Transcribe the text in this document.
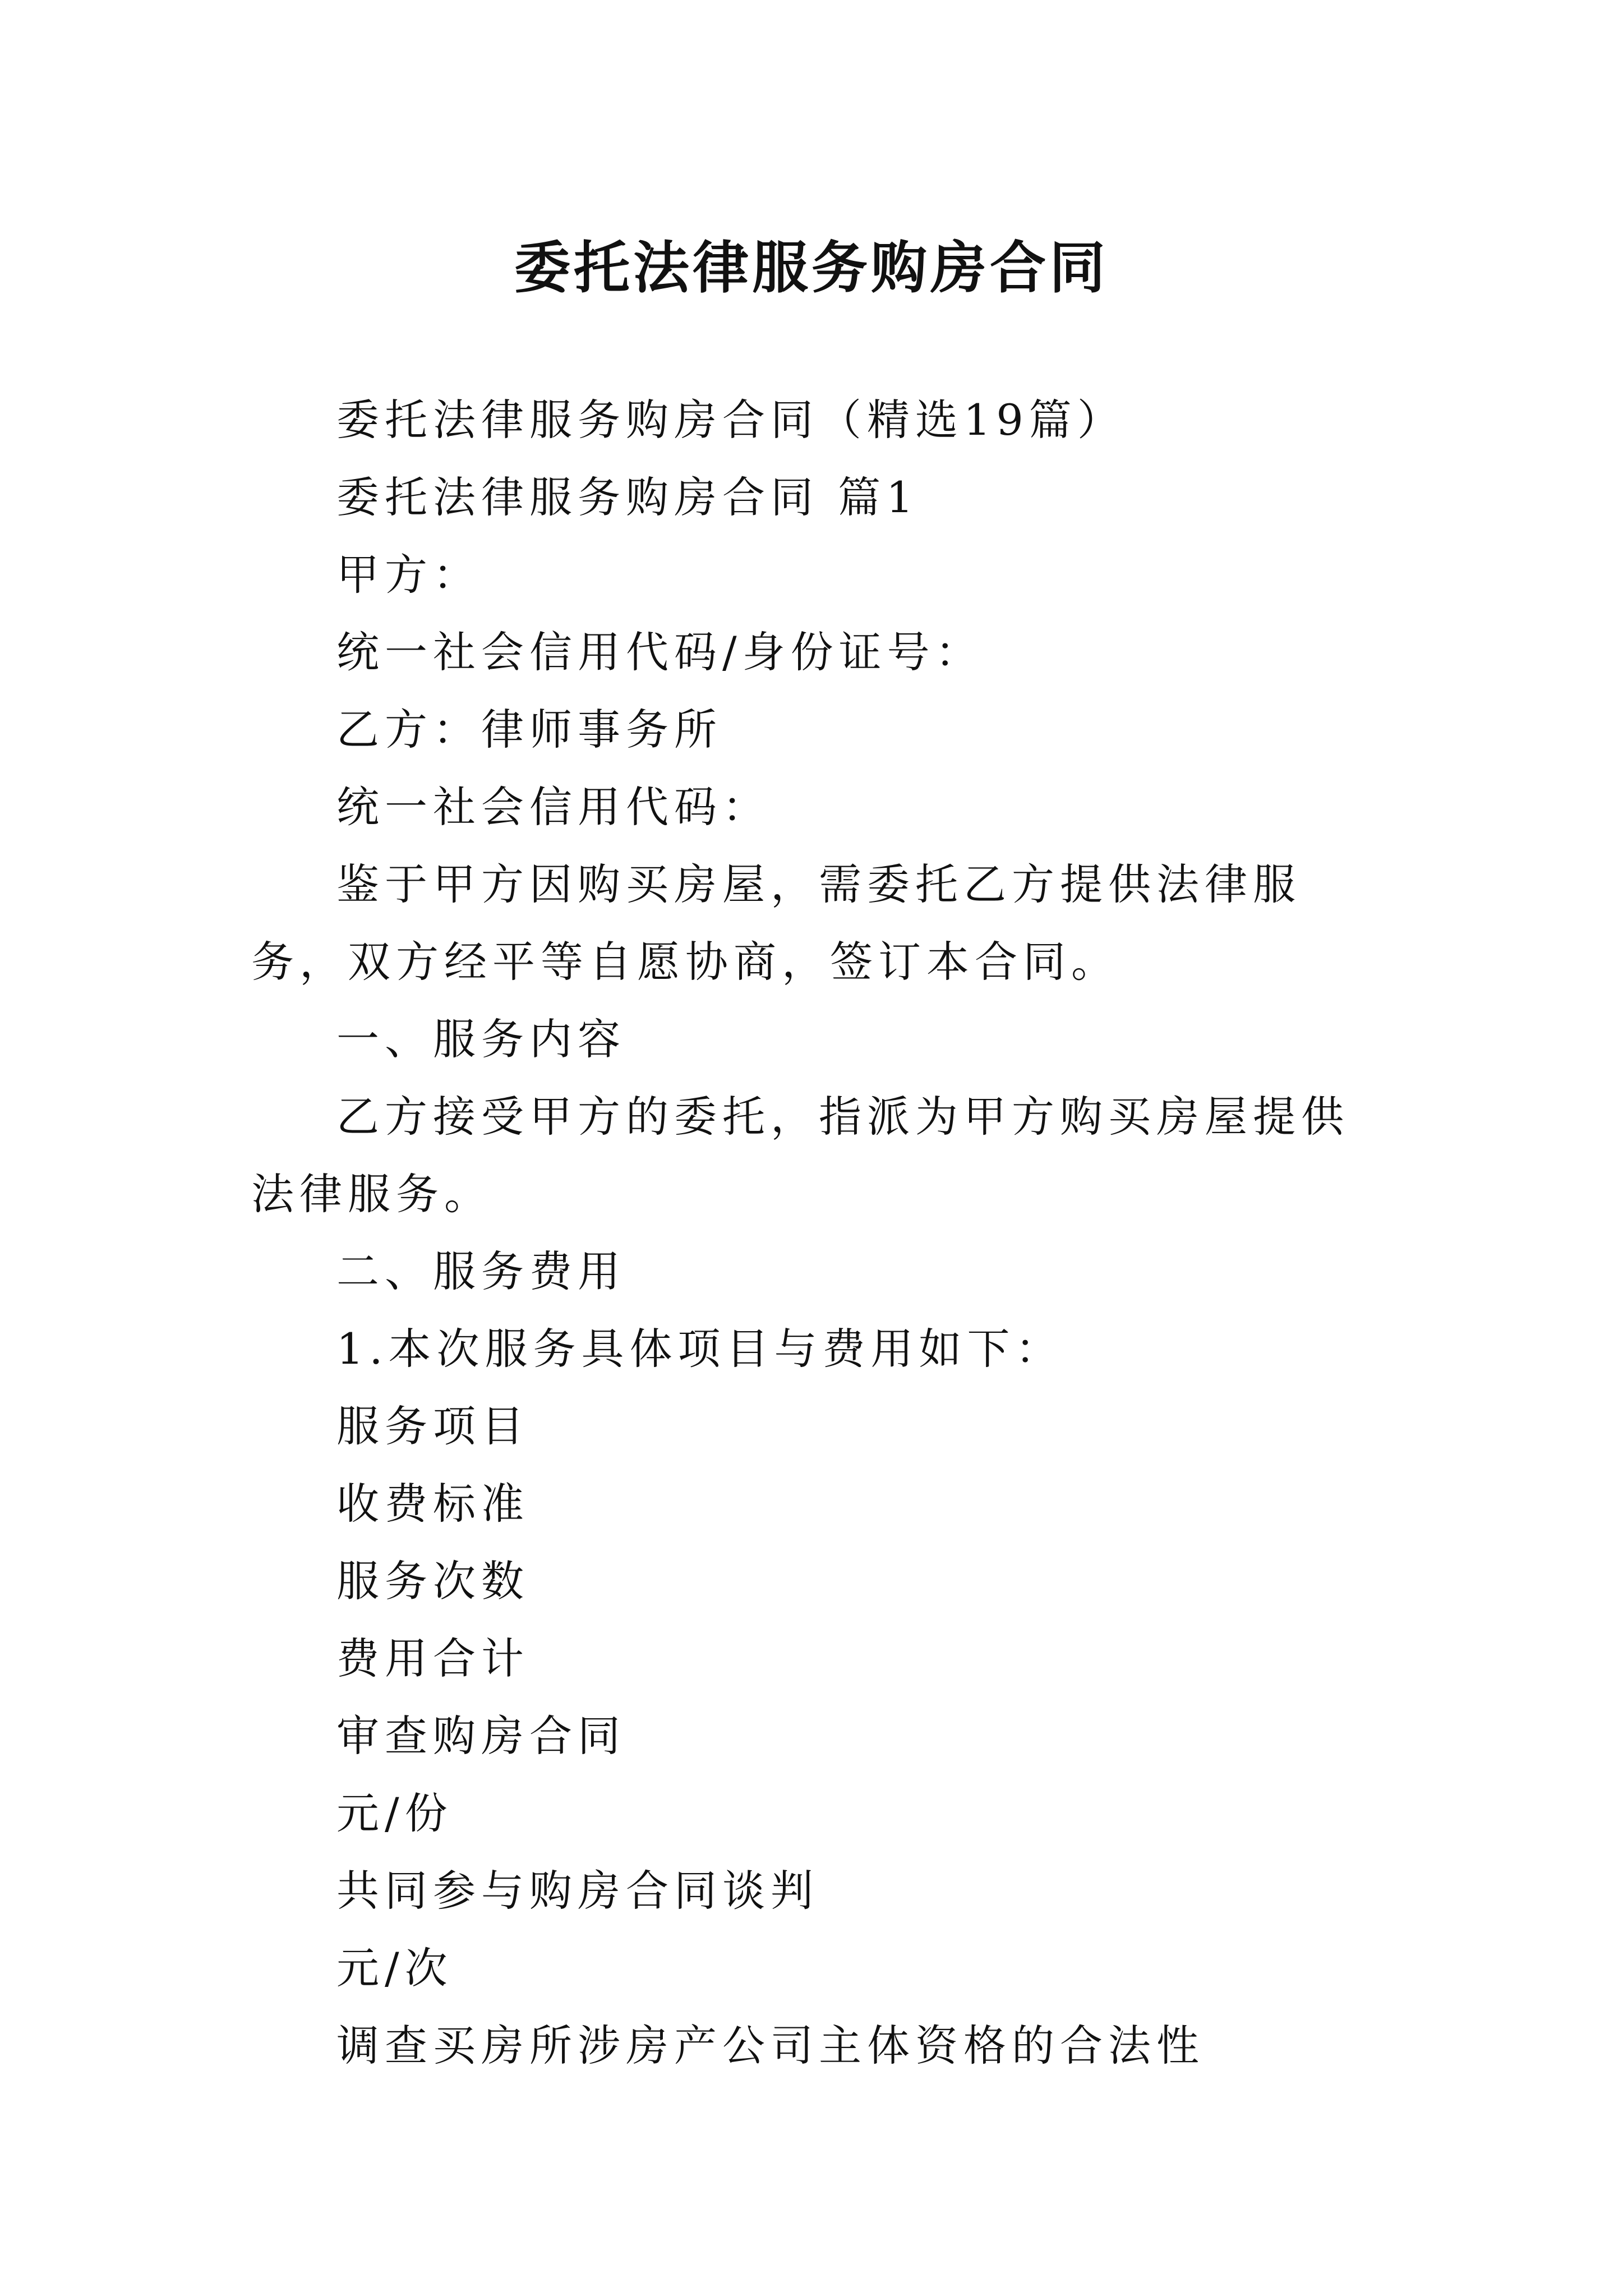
委托法律服务购房合同

委托法律服务购房合同（精选19篇）

委托法律服务购房合同 篇1

甲方：

统一社会信用代码/身份证号：

乙方：律师事务所

统一社会信用代码：

鉴于甲方因购买房屋，需委托乙方提供法律服务，双方经平等自愿协商，签订本合同。

一、服务内容

乙方接受甲方的委托，指派为甲方购买房屋提供法律服务。

二、服务费用

1.本次服务具体项目与费用如下：

服务项目

收费标准

服务次数

费用合计

审查购房合同

元/份

共同参与购房合同谈判

元/次

调查买房所涉房产公司主体资格的合法性
